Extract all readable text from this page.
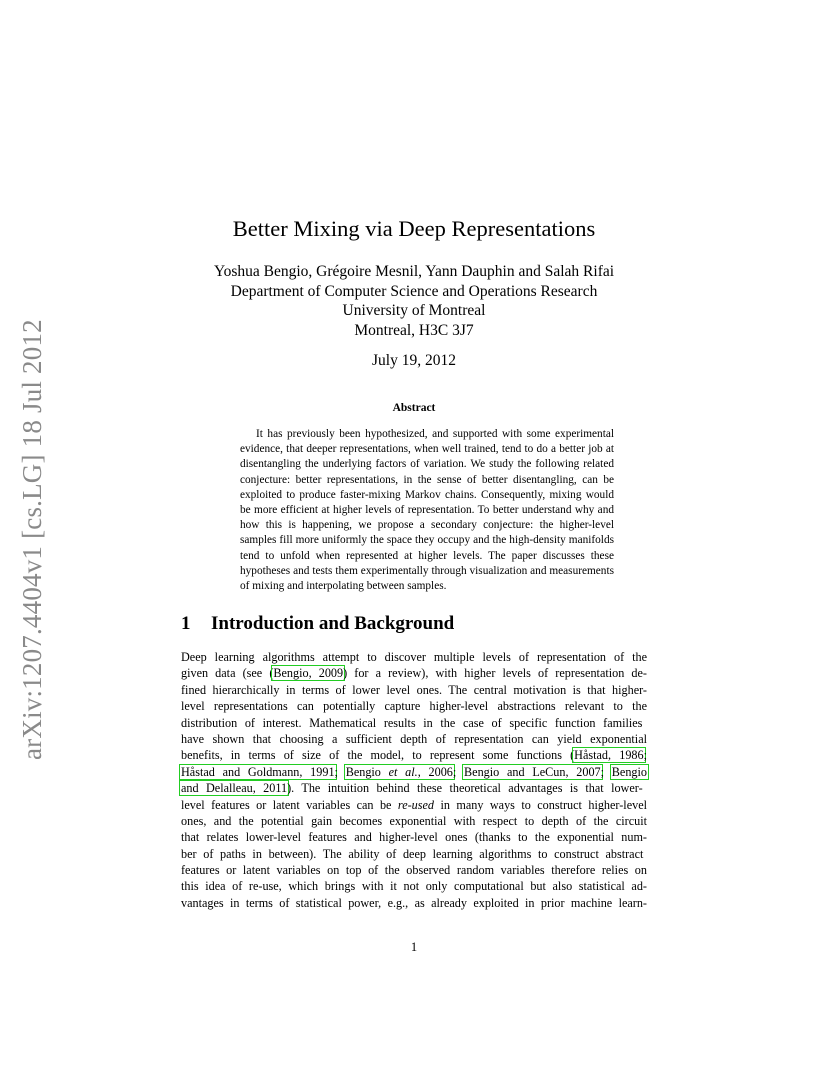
arXiv:1207.4404v1 [cs.LG] 18 Jul 2012
Better Mixing via Deep Representations
Yoshua Bengio, Grégoire Mesnil, Yann Dauphin and Salah Rifai
Department of Computer Science and Operations Research
University of Montreal
Montreal, H3C 3J7
July 19, 2012
Abstract

It has previously been hypothesized, and supported with some experimental evidence, that deeper representations, when well trained, tend to do a better job at disentangling the underlying factors of variation. We study the following related conjecture: better representations, in the sense of better disentangling, can be exploited to produce faster-mixing Markov chains. Consequently, mixing would be more efficient at higher levels of representation. To better understand why and how this is happening, we propose a secondary conjecture: the higher-level samples fill more uniformly the space they occupy and the high-density manifolds tend to unfold when represented at higher levels. The paper discusses these hypotheses and tests them experimentally through visualization and measurements of mixing and interpolating between samples.

1 Introduction and Background
Deep learning algorithms attempt to discover multiple levels of representation of the
given data (see (Bengio, 2009) for a review), with higher levels of representation de-
fined hierarchically in terms of lower level ones. The central motivation is that higher-
level representations can potentially capture higher-level abstractions relevant to the
distribution of interest. Mathematical results in the case of specific function families
have shown that choosing a sufficient depth of representation can yield exponential
benefits, in terms of size of the model, to represent some functions (Håstad, 1986;
Håstad and Goldmann, 1991; Bengio et al., 2006; Bengio and LeCun, 2007; Bengio
and Delalleau, 2011). The intuition behind these theoretical advantages is that lower-
level features or latent variables can be re-used in many ways to construct higher-level
ones, and the potential gain becomes exponential with respect to depth of the circuit
that relates lower-level features and higher-level ones (thanks to the exponential num-
ber of paths in between). The ability of deep learning algorithms to construct abstract
features or latent variables on top of the observed random variables therefore relies on
this idea of re-use, which brings with it not only computational but also statistical ad-
vantages in terms of statistical power, e.g., as already exploited in prior machine learn-
1
